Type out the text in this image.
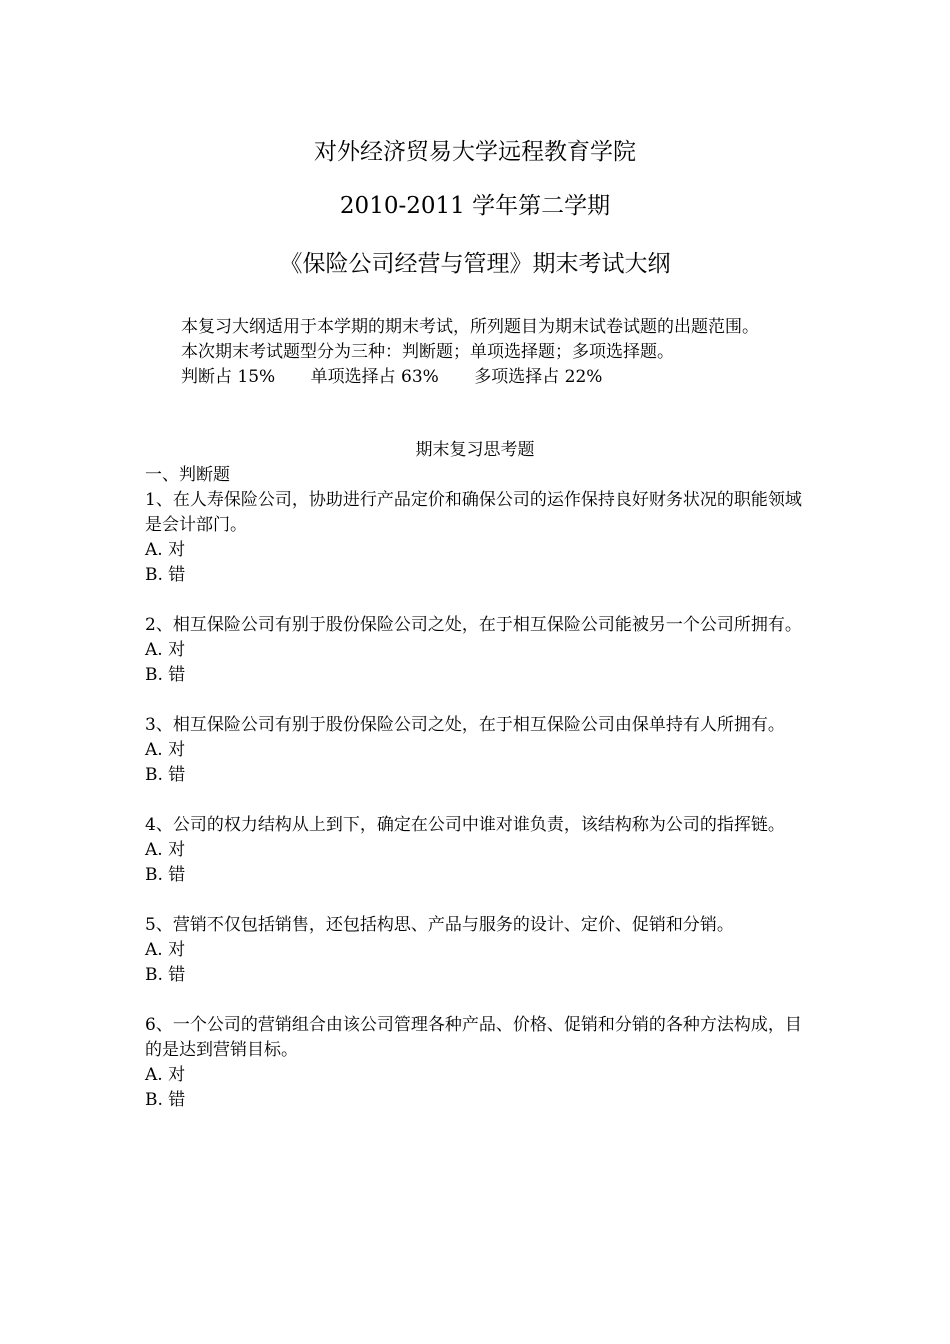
对外经济贸易大学远程教育学院
2010-2011 学年第二学期
《保险公司经营与管理》期末考试大纲

本复习大纲适用于本学期的期末考试，所列题目为期末试卷试题的出题范围。

本次期末考试题型分为三种：判断题；单项选择题；多项选择题。

判断占 15% 单项选择占 63% 多项选择占 22%

期末复习思考题

一、判断题

1、在人寿保险公司，协助进行产品定价和确保公司的运作保持良好财务状况的职能领域是会计部门。

A. 对

B. 错

2、相互保险公司有别于股份保险公司之处，在于相互保险公司能被另一个公司所拥有。

A. 对

B. 错

3、相互保险公司有别于股份保险公司之处，在于相互保险公司由保单持有人所拥有。

A. 对

B. 错

4、公司的权力结构从上到下，确定在公司中谁对谁负责，该结构称为公司的指挥链。

A. 对

B. 错

5、营销不仅包括销售，还包括构思、产品与服务的设计、定价、促销和分销。

A. 对

B. 错

6、一个公司的营销组合由该公司管理各种产品、价格、促销和分销的各种方法构成，目的是达到营销目标。

A. 对

B. 错
